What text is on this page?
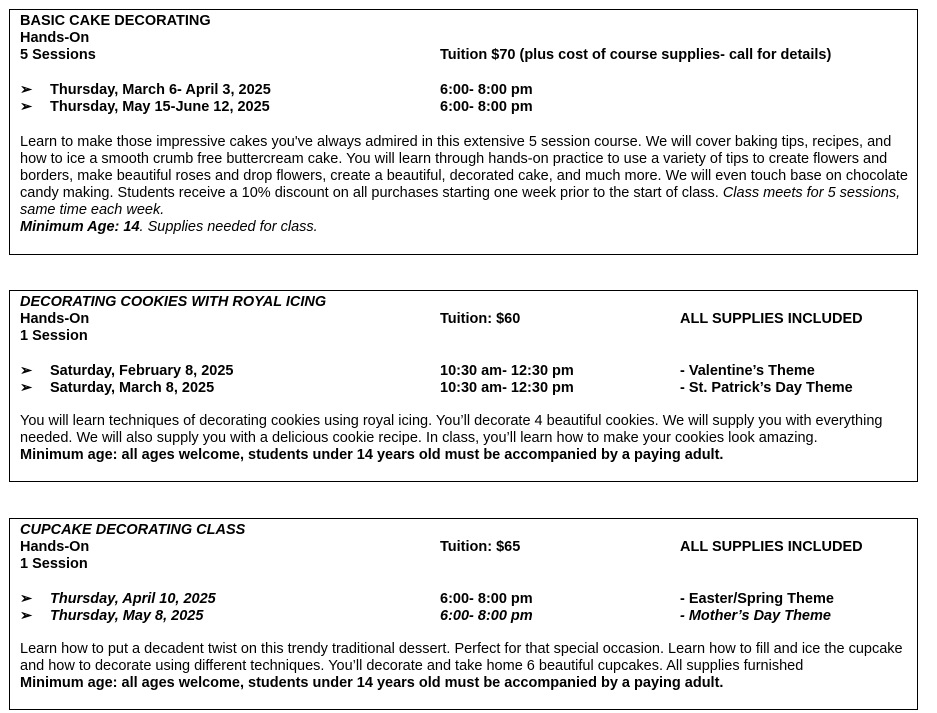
BASIC CAKE DECORATING
Hands-On
5 Sessions	Tuition $70 (plus cost of course supplies- call for details)
➢ Thursday, March 6- April 3, 2025	6:00- 8:00 pm
➢ Thursday, May 15-June 12, 2025	6:00- 8:00 pm

Learn to make those impressive cakes you've always admired in this extensive 5 session course. We will cover baking tips, recipes, and how to ice a smooth crumb free buttercream cake. You will learn through hands-on practice to use a variety of tips to create flowers and borders, make beautiful roses and drop flowers, create a beautiful, decorated cake, and much more. We will even touch base on chocolate candy making. Students receive a 10% discount on all purchases starting one week prior to the start of class. Class meets for 5 sessions, same time each week.

Minimum Age: 14. Supplies needed for class.
DECORATING COOKIES WITH ROYAL ICING
Hands-On	Tuition: $60	ALL SUPPLIES INCLUDED
1 Session
➢ Saturday, February 8, 2025	10:30 am- 12:30 pm	- Valentine’s Theme
➢ Saturday, March 8, 2025	10:30 am- 12:30 pm	- St. Patrick’s Day Theme

You will learn techniques of decorating cookies using royal icing. You’ll decorate 4 beautiful cookies. We will supply you with everything needed. We will also supply you with a delicious cookie recipe. In class, you’ll learn how to make your cookies look amazing.

Minimum age: all ages welcome, students under 14 years old must be accompanied by a paying adult.
CUPCAKE DECORATING CLASS
Hands-On	Tuition: $65	ALL SUPPLIES INCLUDED
1 Session
➢ Thursday, April 10, 2025	6:00- 8:00 pm	- Easter/Spring Theme
➢ Thursday, May 8, 2025	6:00- 8:00 pm	- Mother’s Day Theme

Learn how to put a decadent twist on this trendy traditional dessert. Perfect for that special occasion. Learn how to fill and ice the cupcake and how to decorate using different techniques. You’ll decorate and take home 6 beautiful cupcakes. All supplies furnished

Minimum age: all ages welcome, students under 14 years old must be accompanied by a paying adult.
